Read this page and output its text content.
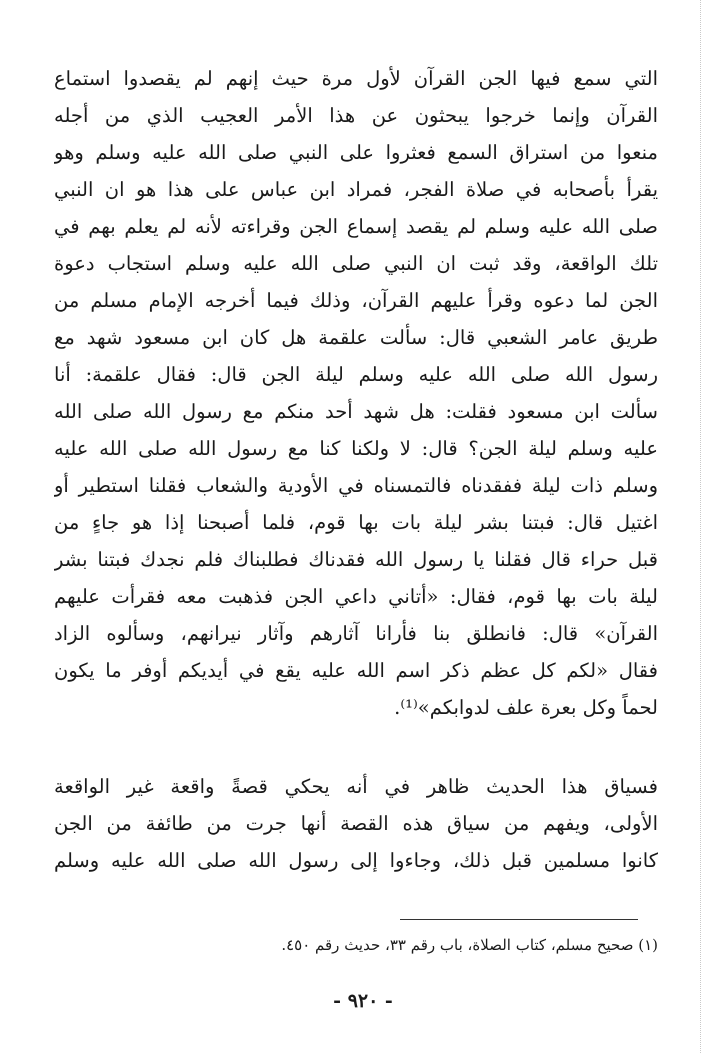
التي سمع فيها الجن القرآن لأول مرة حيث إنهم لم يقصدوا استماع
القرآن وإنما خرجوا يبحثون عن هذا الأمر العجيب الذي من أجله
منعوا من استراق السمع فعثروا على النبي صلى الله عليه وسلم وهو
يقرأ بأصحابه في صلاة الفجر، فمراد ابن عباس على هذا هو ان النبي
صلى الله عليه وسلم لم يقصد إسماع الجن وقراءته لأنه لم يعلم بهم في
تلك الواقعة، وقد ثبت ان النبي صلى الله عليه وسلم استجاب دعوة
الجن لما دعوه وقرأ عليهم القرآن، وذلك فيما أخرجه الإمام مسلم من
طريق عامر الشعبي قال: سألت علقمة هل كان ابن مسعود شهد مع
رسول الله صلى الله عليه وسلم ليلة الجن قال: فقال علقمة: أنا
سألت ابن مسعود فقلت: هل شهد أحد منكم مع رسول الله صلى الله
عليه وسلم ليلة الجن؟ قال: لا ولكنا كنا مع رسول الله صلى الله عليه
وسلم ذات ليلة ففقدناه فالتمسناه في الأودية والشعاب فقلنا استطير أو
اغتيل قال: فبتنا بشر ليلة بات بها قوم، فلما أصبحنا إذا هو جاءٍ من
قبل حراء قال فقلنا يا رسول الله فقدناك فطلبناك فلم نجدك فبتنا بشر
ليلة بات بها قوم، فقال: «أتاني داعي الجن فذهبت معه فقرأت عليهم
القرآن» قال: فانطلق بنا فأرانا آثارهم وآثار نيرانهم، وسألوه الزاد
فقال «لكم كل عظم ذكر اسم الله عليه يقع في أيديكم أوفر ما يكون
لحماً وكل بعرة علف لدوابكم»⁽¹⁾.
فسياق هذا الحديث ظاهر في أنه يحكي قصةً واقعة غير الواقعة
الأولى، ويفهم من سياق هذه القصة أنها جرت من طائفة من الجن
كانوا مسلمين قبل ذلك، وجاءوا إلى رسول الله صلى الله عليه وسلم
(١) صحيح مسلم، كتاب الصلاة، باب رقم ٣٣، حديث رقم ٤٥٠.
- ٩٢٠ -
